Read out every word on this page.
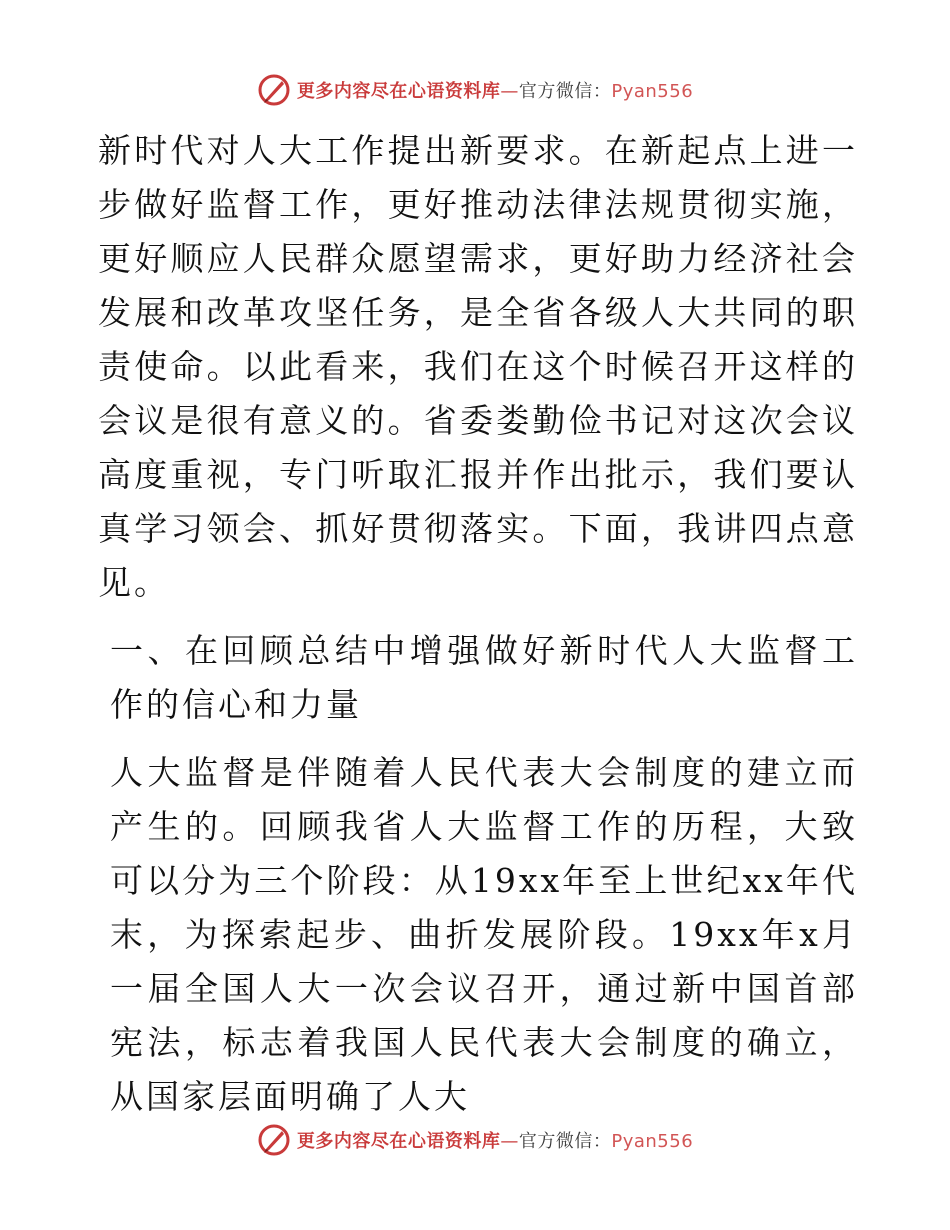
更多内容尽在心语资料库—官方微信：Pyan556

新时代对人大工作提出新要求。在新起点上进一步做好监督工作，更好推动法律法规贯彻实施，更好顺应人民群众愿望需求，更好助力经济社会发展和改革攻坚任务，是全省各级人大共同的职责使命。以此看来，我们在这个时候召开这样的会议是很有意义的。省委娄勤俭书记对这次会议高度重视，专门听取汇报并作出批示，我们要认真学习领会、抓好贯彻落实。下面，我讲四点意见。

一、在回顾总结中增强做好新时代人大监督工作的信心和力量

人大监督是伴随着人民代表大会制度的建立而产生的。回顾我省人大监督工作的历程，大致可以分为三个阶段：从19xx年至上世纪xx年代末，为探索起步、曲折发展阶段。19xx年x月一届全国人大一次会议召开，通过新中国首部宪法，标志着我国人民代表大会制度的确立，从国家层面明确了人大

更多内容尽在心语资料库—官方微信：Pyan556
